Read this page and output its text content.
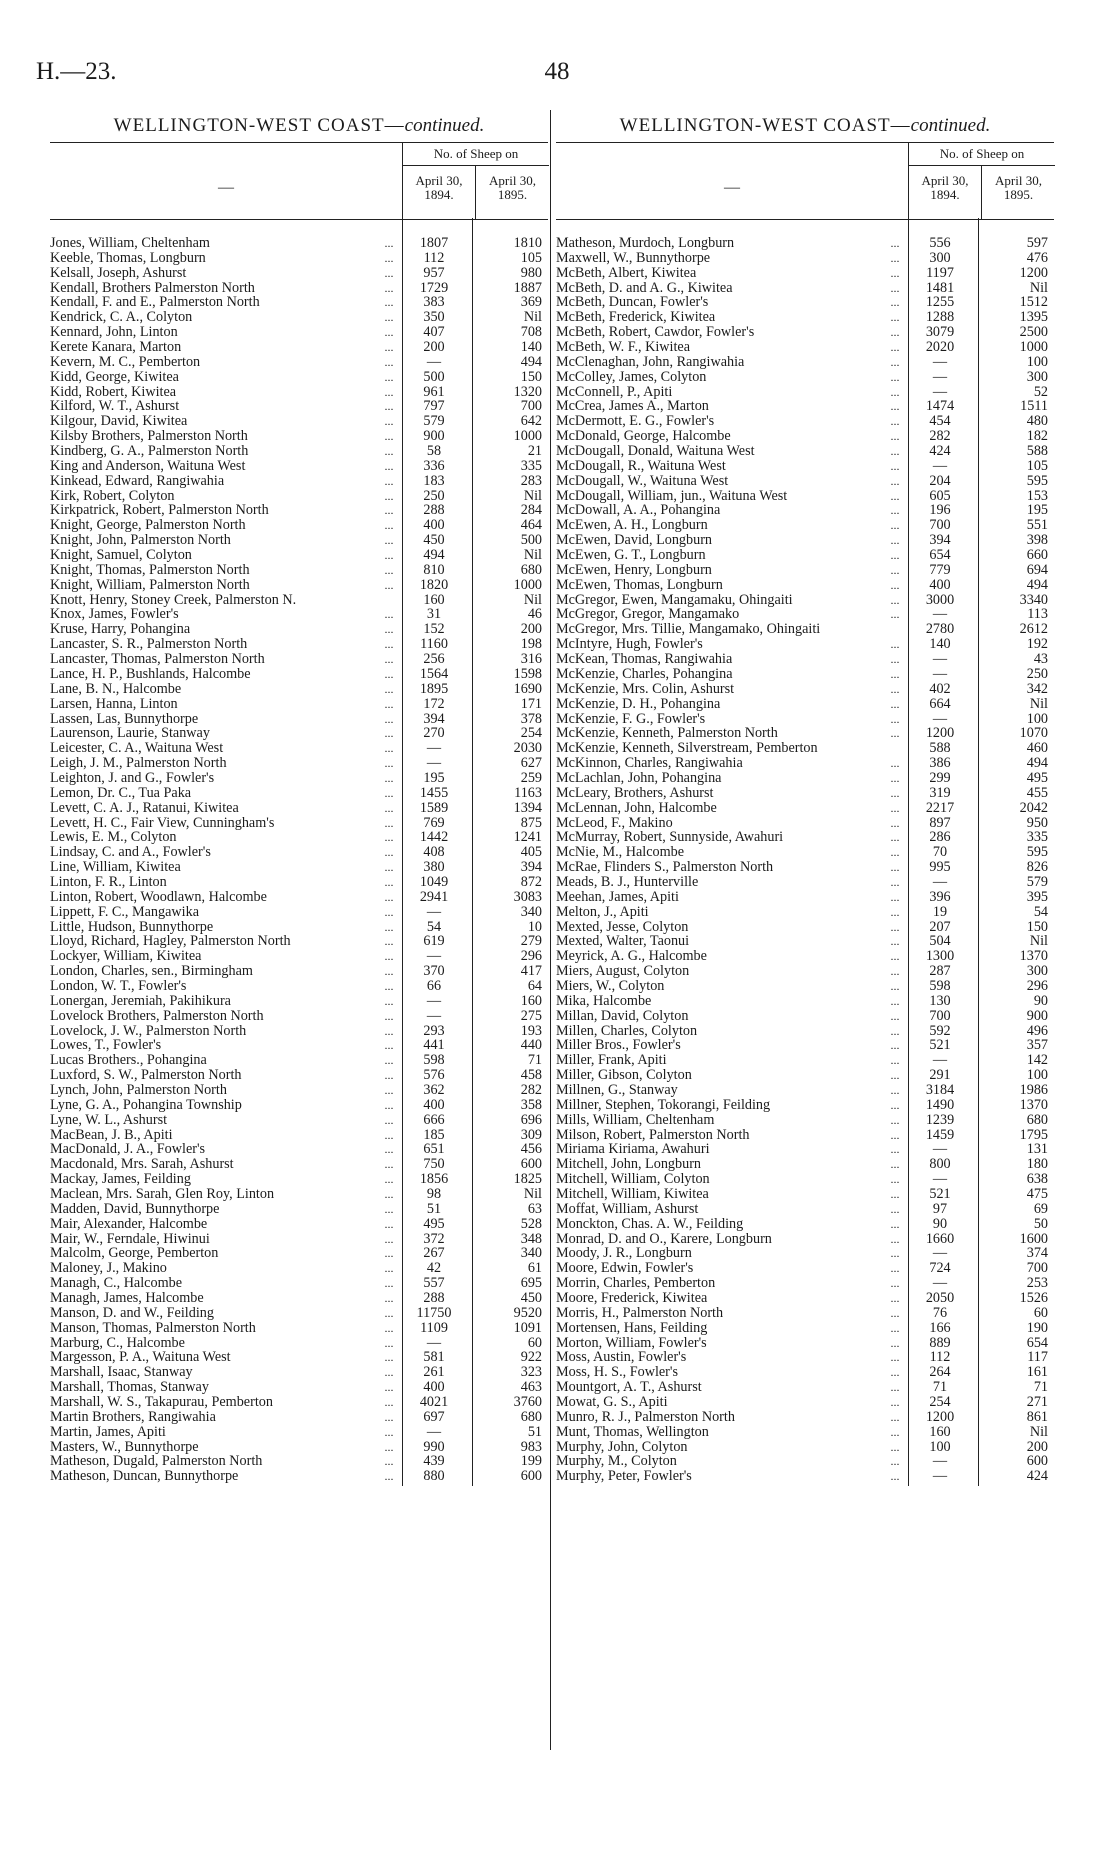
H.—23.	48
WELLINGTON-WEST COAST—continued.
—
No. of Sheep on
April 30, 1894.
April 30, 1895.
Jones, William, Cheltenham	...	1807	1810
Keeble, Thomas, Longburn	...	112	105
Kelsall, Joseph, Ashurst	...	957	980
Kendall, Brothers Palmerston North	...	1729	1887
Kendall, F. and E., Palmerston North	...	383	369
Kendrick, C. A., Colyton	...	350	Nil
Kennard, John, Linton	...	407	708
Kerete Kanara, Marton	...	200	140
Kevern, M. C., Pemberton	...	—	494
Kidd, George, Kiwitea	...	500	150
Kidd, Robert, Kiwitea	...	961	1320
Kilford, W. T., Ashurst	...	797	700
Kilgour, David, Kiwitea	...	579	642
Kilsby Brothers, Palmerston North	...	900	1000
Kindberg, G. A., Palmerston North	...	58	21
King and Anderson, Waituna West	...	336	335
Kinkead, Edward, Rangiwahia	...	183	283
Kirk, Robert, Colyton	...	250	Nil
Kirkpatrick, Robert, Palmerston North	...	288	284
Knight, George, Palmerston North	...	400	464
Knight, John, Palmerston North	...	450	500
Knight, Samuel, Colyton	...	494	Nil
Knight, Thomas, Palmerston North	...	810	680
Knight, William, Palmerston North	...	1820	1000
Knott, Henry, Stoney Creek, Palmerston N.	160	Nil
Knox, James, Fowler's	...	31	46
Kruse, Harry, Pohangina	...	152	200
Lancaster, S. R., Palmerston North	...	1160	198
Lancaster, Thomas, Palmerston North	...	256	316
Lance, H. P., Bushlands, Halcombe	...	1564	1598
Lane, B. N., Halcombe	...	1895	1690
Larsen, Hanna, Linton	...	172	171
Lassen, Las, Bunnythorpe	...	394	378
Laurenson, Laurie, Stanway	...	270	254
Leicester, C. A., Waituna West	...	—	2030
Leigh, J. M., Palmerston North	...	—	627
Leighton, J. and G., Fowler's	...	195	259
Lemon, Dr. C., Tua Paka	...	1455	1163
Levett, C. A. J., Ratanui, Kiwitea	...	1589	1394
Levett, H. C., Fair View, Cunningham's	...	769	875
Lewis, E. M., Colyton	...	1442	1241
Lindsay, C. and A., Fowler's	...	408	405
Line, William, Kiwitea	...	380	394
Linton, F. R., Linton	...	1049	872
Linton, Robert, Woodlawn, Halcombe	...	2941	3083
Lippett, F. C., Mangawika	...	—	340
Little, Hudson, Bunnythorpe	...	54	10
Lloyd, Richard, Hagley, Palmerston North	...	619	279
Lockyer, William, Kiwitea	...	—	296
London, Charles, sen., Birmingham	...	370	417
London, W. T., Fowler's	...	66	64
Lonergan, Jeremiah, Pakihikura	...	—	160
Lovelock Brothers, Palmerston North	...	—	275
Lovelock, J. W., Palmerston North	...	293	193
Lowes, T., Fowler's	...	441	440
Lucas Brothers., Pohangina	...	598	71
Luxford, S. W., Palmerston North	...	576	458
Lynch, John, Palmerston North	...	362	282
Lyne, G. A., Pohangina Township	...	400	358
Lyne, W. L., Ashurst	...	666	696
MacBean, J. B., Apiti	...	185	309
MacDonald, J. A., Fowler's	...	651	456
Macdonald, Mrs. Sarah, Ashurst	...	750	600
Mackay, James, Feilding	...	1856	1825
Maclean, Mrs. Sarah, Glen Roy, Linton	...	98	Nil
Madden, David, Bunnythorpe	...	51	63
Mair, Alexander, Halcombe	...	495	528
Mair, W., Ferndale, Hiwinui	...	372	348
Malcolm, George, Pemberton	...	267	340
Maloney, J., Makino	...	42	61
Managh, C., Halcombe	...	557	695
Managh, James, Halcombe	...	288	450
Manson, D. and W., Feilding	...	11750	9520
Manson, Thomas, Palmerston North	...	1109	1091
Marburg, C., Halcombe	...	—	60
Margesson, P. A., Waituna West	...	581	922
Marshall, Isaac, Stanway	...	261	323
Marshall, Thomas, Stanway	...	400	463
Marshall, W. S., Takapurau, Pemberton	...	4021	3760
Martin Brothers, Rangiwahia	...	697	680
Martin, James, Apiti	...	—	51
Masters, W., Bunnythorpe	...	990	983
Matheson, Dugald, Palmerston North	...	439	199
Matheson, Duncan, Bunnythorpe	...	880	600
WELLINGTON-WEST COAST—continued.
—
No. of Sheep on
April 30, 1894.
April 30, 1895.
Matheson, Murdoch, Longburn	...	556	597
Maxwell, W., Bunnythorpe	...	300	476
McBeth, Albert, Kiwitea	...	1197	1200
McBeth, D. and A. G., Kiwitea	...	1481	Nil
McBeth, Duncan, Fowler's	...	1255	1512
McBeth, Frederick, Kiwitea	...	1288	1395
McBeth, Robert, Cawdor, Fowler's	...	3079	2500
McBeth, W. F., Kiwitea	...	2020	1000
McClenaghan, John, Rangiwahia	...	—	100
McColley, James, Colyton	...	—	300
McConnell, P., Apiti	...	—	52
McCrea, James A., Marton	...	1474	1511
McDermott, E. G., Fowler's	...	454	480
McDonald, George, Halcombe	...	282	182
McDougall, Donald, Waituna West	...	424	588
McDougall, R., Waituna West	...	—	105
McDougall, W., Waituna West	...	204	595
McDougall, William, jun., Waituna West	...	605	153
McDowall, A. A., Pohangina	...	196	195
McEwen, A. H., Longburn	...	700	551
McEwen, David, Longburn	...	394	398
McEwen, G. T., Longburn	...	654	660
McEwen, Henry, Longburn	...	779	694
McEwen, Thomas, Longburn	...	400	494
McGregor, Ewen, Mangamaku, Ohingaiti	...	3000	3340
McGregor, Gregor, Mangamako	...	—	113
McGregor, Mrs. Tillie, Mangamako, Ohingaiti	2780	2612
McIntyre, Hugh, Fowler's	...	140	192
McKean, Thomas, Rangiwahia	...	—	43
McKenzie, Charles, Pohangina	...	—	250
McKenzie, Mrs. Colin, Ashurst	...	402	342
McKenzie, D. H., Pohangina	...	664	Nil
McKenzie, F. G., Fowler's	...	—	100
McKenzie, Kenneth, Palmerston North	...	1200	1070
McKenzie, Kenneth, Silverstream, Pemberton	588	460
McKinnon, Charles, Rangiwahia	...	386	494
McLachlan, John, Pohangina	...	299	495
McLeary, Brothers, Ashurst	...	319	455
McLennan, John, Halcombe	...	2217	2042
McLeod, F., Makino	...	897	950
McMurray, Robert, Sunnyside, Awahuri	...	286	335
McNie, M., Halcombe	...	70	595
McRae, Flinders S., Palmerston North	...	995	826
Meads, B. J., Hunterville	...	—	579
Meehan, James, Apiti	...	396	395
Melton, J., Apiti	...	19	54
Mexted, Jesse, Colyton	...	207	150
Mexted, Walter, Taonui	...	504	Nil
Meyrick, A. G., Halcombe	...	1300	1370
Miers, August, Colyton	...	287	300
Miers, W., Colyton	...	598	296
Mika, Halcombe	...	130	90
Millan, David, Colyton	...	700	900
Millen, Charles, Colyton	...	592	496
Miller Bros., Fowler's	...	521	357
Miller, Frank, Apiti	...	—	142
Miller, Gibson, Colyton	...	291	100
Millnen, G., Stanway	...	3184	1986
Millner, Stephen, Tokorangi, Feilding	...	1490	1370
Mills, William, Cheltenham	...	1239	680
Milson, Robert, Palmerston North	...	1459	1795
Miriama Kiriama, Awahuri	...	—	131
Mitchell, John, Longburn	...	800	180
Mitchell, William, Colyton	...	—	638
Mitchell, William, Kiwitea	...	521	475
Moffat, William, Ashurst	...	97	69
Monckton, Chas. A. W., Feilding	...	90	50
Monrad, D. and O., Karere, Longburn	...	1660	1600
Moody, J. R., Longburn	...	—	374
Moore, Edwin, Fowler's	...	724	700
Morrin, Charles, Pemberton	...	—	253
Moore, Frederick, Kiwitea	...	2050	1526
Morris, H., Palmerston North	...	76	60
Mortensen, Hans, Feilding	...	166	190
Morton, William, Fowler's	...	889	654
Moss, Austin, Fowler's	...	112	117
Moss, H. S., Fowler's	...	264	161
Mountgort, A. T., Ashurst	...	71	71
Mowat, G. S., Apiti	...	254	271
Munro, R. J., Palmerston North	...	1200	861
Munt, Thomas, Wellington	...	160	Nil
Murphy, John, Colyton	...	100	200
Murphy, M., Colyton	...	—	600
Murphy, Peter, Fowler's	...	—	424
